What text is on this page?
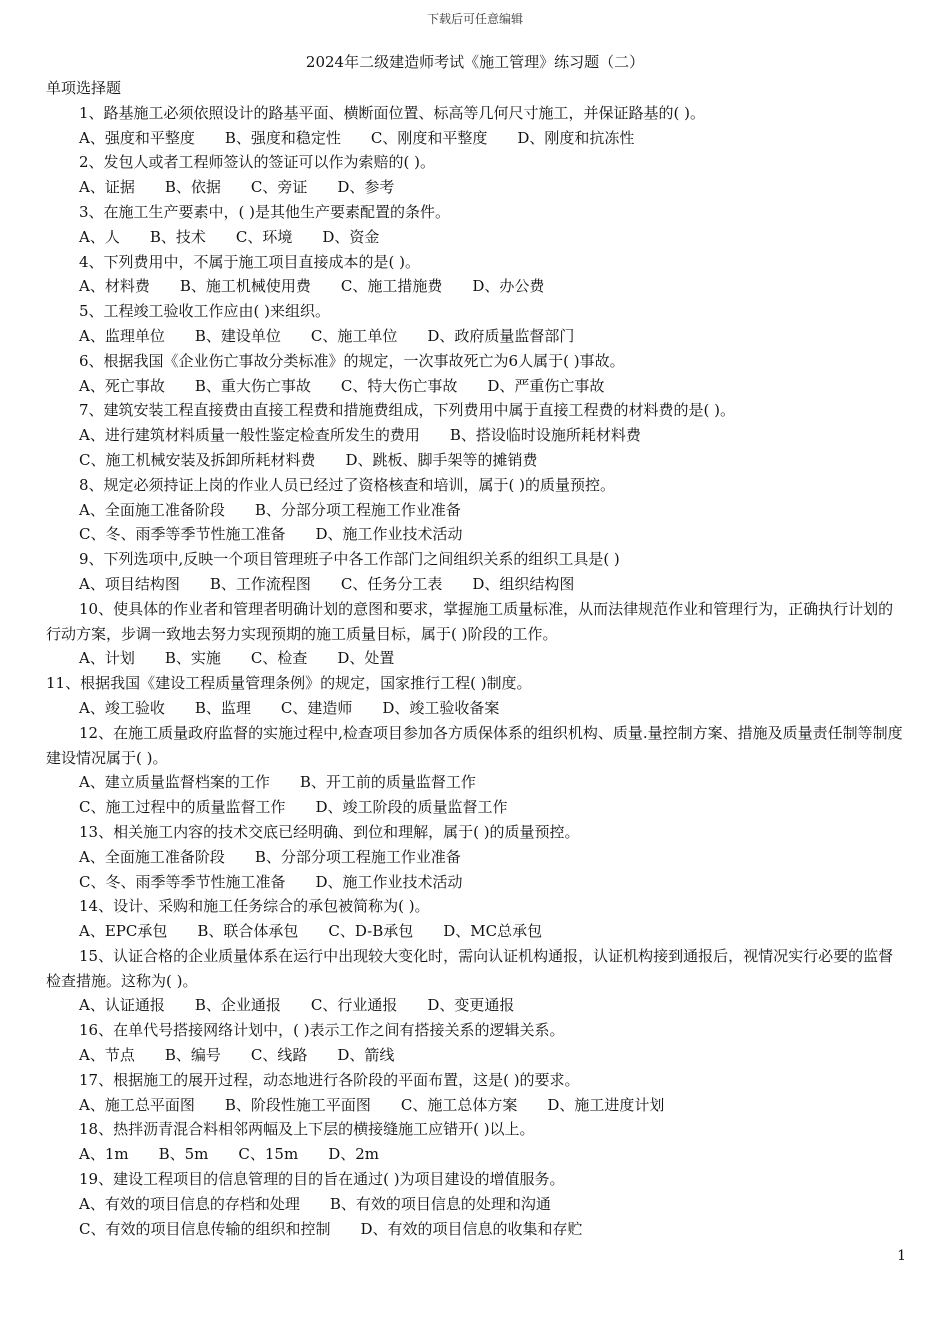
下载后可任意编辑
2024年二级建造师考试《施工管理》练习题（二）
单项选择题
1、路基施工必须依照设计的路基平面、横断面位置、标高等几何尺寸施工，并保证路基的( )。
A、强度和平整度 B、强度和稳定性 C、刚度和平整度 D、刚度和抗冻性
2、发包人或者工程师签认的签证可以作为索赔的( )。
A、证据 B、依据 C、旁证 D、参考
3、在施工生产要素中，( )是其他生产要素配置的条件。
A、人 B、技术 C、环境 D、资金
4、下列费用中，不属于施工项目直接成本的是( )。
A、材料费 B、施工机械使用费 C、施工措施费 D、办公费
5、工程竣工验收工作应由( )来组织。
A、监理单位 B、建设单位 C、施工单位 D、政府质量监督部门
6、根据我国《企业伤亡事故分类标准》的规定，一次事故死亡为6人属于( )事故。
A、死亡事故 B、重大伤亡事故 C、特大伤亡事故 D、严重伤亡事故
7、建筑安装工程直接费由直接工程费和措施费组成，下列费用中属于直接工程费的材料费的是( )。
A、进行建筑材料质量一般性鉴定检查所发生的费用 B、搭设临时设施所耗材料费
C、施工机械安装及拆卸所耗材料费 D、跳板、脚手架等的摊销费
8、规定必须持证上岗的作业人员已经过了资格核查和培训，属于( )的质量预控。
A、全面施工准备阶段 B、分部分项工程施工作业准备
C、冬、雨季等季节性施工准备 D、施工作业技术活动
9、下列选项中,反映一个项目管理班子中各工作部门之间组织关系的组织工具是( )
A、项目结构图 B、工作流程图 C、任务分工表 D、组织结构图
10、使具体的作业者和管理者明确计划的意图和要求，掌握施工质量标准，从而法律规范作业和管理行为，正确执行计划的行动方案，步调一致地去努力实现预期的施工质量目标，属于( )阶段的工作。
A、计划 B、实施 C、检查 D、处置
11、根据我国《建设工程质量管理条例》的规定，国家推行工程( )制度。
A、竣工验收 B、监理 C、建造师 D、竣工验收备案
12、在施工质量政府监督的实施过程中,检查项目参加各方质保体系的组织机构、质量.量控制方案、措施及质量责任制等制度建设情况属于( )。
A、建立质量监督档案的工作 B、开工前的质量监督工作
C、施工过程中的质量监督工作 D、竣工阶段的质量监督工作
13、相关施工内容的技术交底已经明确、到位和理解，属于( )的质量预控。
A、全面施工准备阶段 B、分部分项工程施工作业准备
C、冬、雨季等季节性施工准备 D、施工作业技术活动
14、设计、采购和施工任务综合的承包被简称为( )。
A、EPC承包 B、联合体承包 C、D-B承包 D、MC总承包
15、认证合格的企业质量体系在运行中出现较大变化时，需向认证机构通报，认证机构接到通报后，视情况实行必要的监督检查措施。这称为( )。
A、认证通报 B、企业通报 C、行业通报 D、变更通报
16、在单代号搭接网络计划中，( )表示工作之间有搭接关系的逻辑关系。
A、节点 B、编号 C、线路 D、箭线
17、根据施工的展开过程，动态地进行各阶段的平面布置，这是( )的要求。
A、施工总平面图 B、阶段性施工平面图 C、施工总体方案 D、施工进度计划
18、热拌沥青混合料相邻两幅及上下层的横接缝施工应错开( )以上。
A、1m B、5m C、15m D、2m
19、建设工程项目的信息管理的目的旨在通过( )为项目建设的增值服务。
A、有效的项目信息的存档和处理 B、有效的项目信息的处理和沟通
C、有效的项目信息传输的组织和控制 D、有效的项目信息的收集和存贮
1
